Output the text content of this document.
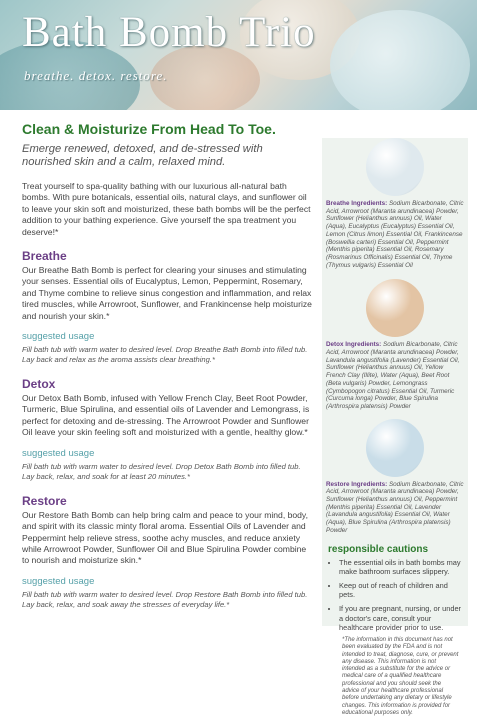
Bath Bomb Trio
breathe. detox. restore.
Clean & Moisturize From Head To Toe.

Emerge renewed, detoxed, and de-stressed with nourished skin and a calm, relaxed mind.

Treat yourself to spa-quality bathing with our luxurious all-natural bath bombs. With pure botanicals, essential oils, natural clays, and sunflower oil to leave your skin soft and moisturized, these bath bombs will be the perfect addition to your bathing experience. Give yourself the spa treatment you deserve!*

Breathe

Our Breathe Bath Bomb is perfect for clearing your sinuses and stimulating your senses. Essential oils of Eucalyptus, Lemon, Peppermint, Rosemary, and Thyme combine to relieve sinus congestion and inflammation, and relax tired muscles, while Arrowroot, Sunflower, and Frankincense help moisturize and nourish your skin.*

suggested usage

Fill bath tub with warm water to desired level. Drop Breathe Bath Bomb into filled tub. Lay back and relax as the aroma assists clear breathing.*

Detox

Our Detox Bath Bomb, infused with Yellow French Clay, Beet Root Powder, Turmeric, Blue Spirulina, and essential oils of Lavender and Lemongrass, is perfect for detoxing and de-stressing. The Arrowroot Powder and Sunflower Oil leave your skin feeling soft and moisturized with a gentle, healthy glow.*

suggested usage

Fill bath tub with warm water to desired level. Drop Detox Bath Bomb into filled tub. Lay back, relax, and soak for at least 20 minutes.*

Restore

Our Restore Bath Bomb can help bring calm and peace to your mind, body, and spirit with its classic minty floral aroma. Essential Oils of Lavender and Peppermint help relieve stress, soothe achy muscles, and reduce anxiety while Arrowroot Powder, Sunflower Oil and Blue Spirulina Powder combine to nourish and moisturize skin.*

suggested usage

Fill bath tub with warm water to desired level. Drop Restore Bath Bomb into filled tub. Lay back, relax, and soak away the stresses of everyday life.*

Breathe Ingredients: Sodium Bicarbonate, Citric Acid, Arrowroot (Maranta arundinacea) Powder, Sunflower (Helianthus annuus) Oil, Water (Aqua), Eucalyptus (Eucalyptus) Essential Oil, Lemon (Citrus limon) Essential Oil, Frankincense (Boswellia carteri) Essential Oil, Peppermint (Menthis piperita) Essential Oil, Rosemary (Rosmarinus Officinalis) Essential Oil, Thyme (Thymus vulgaris) Essential Oil

Detox Ingredients: Sodium Bicarbonate, Citric Acid, Arrowroot (Maranta arundinacea) Powder, Lavandula angustifolia (Lavender) Essential Oil, Sunflower (Helianthus annuus) Oil, Yellow French Clay (Illite), Water (Aqua), Beet Root (Beta vulgaris) Powder, Lemongrass (Cymbopogon citratus) Essential Oil, Turmeric (Curcuma longa) Powder, Blue Spirulina (Arthrospira platensis) Powder

Restore Ingredients: Sodium Bicarbonate, Citric Acid, Arrowroot (Maranta arundinacea) Powder, Sunflower (Helianthus annuus) Oil, Peppermint (Menthis piperita) Essential Oil, Lavender (Lavandula angustifolia) Essential Oil, Water (Aqua), Blue Spirulina (Arthrospira platensis) Powder

responsible cautions

• The essential oils in bath bombs may make bathroom surfaces slippery.
• Keep out of reach of children and pets.
• If you are pregnant, nursing, or under a doctor's care, consult your healthcare provider prior to use.

*The information in this document has not been evaluated by the FDA and is not intended to treat, diagnose, cure, or prevent any disease. This information is not intended as a substitute for the advice or medical care of a qualified healthcare professional and you should seek the advice of your healthcare professional before undertaking any dietary or lifestyle changes. This information is provided for educational purposes only.
